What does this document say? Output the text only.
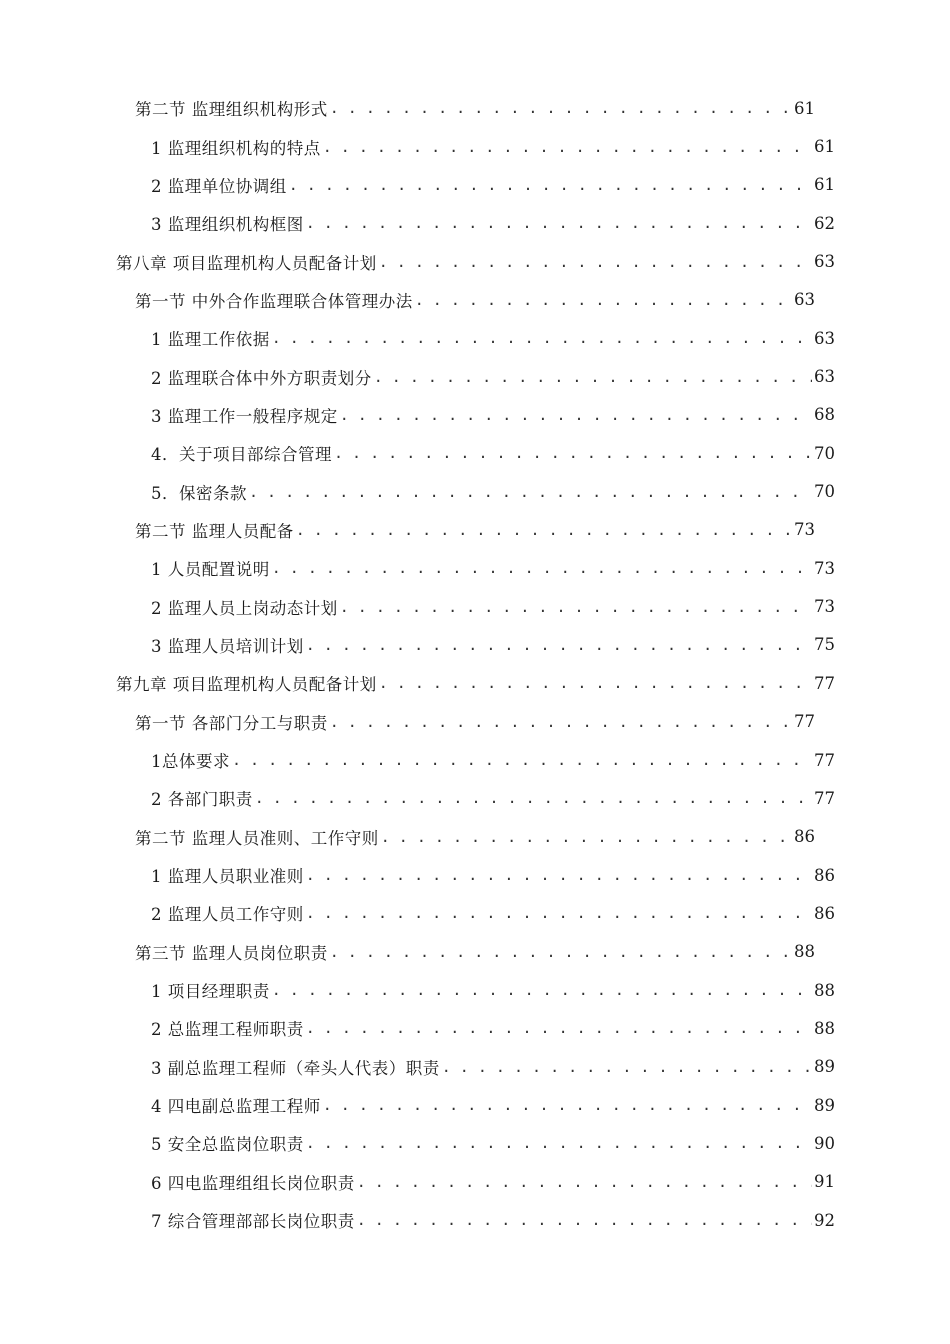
第二节 监理组织机构形式 . . .	61
1 监理组织机构的特点 . . .	61
2 监理单位协调组 . . .	61
3 监理组织机构框图 . . .	62
第八章 项目监理机构人员配备计划 . . .	63
第一节 中外合作监理联合体管理办法 . . .	63
1 监理工作依据 . . .	63
2 监理联合体中外方职责划分 . . .	63
3 监理工作一般程序规定 . . .	68
4．关于项目部综合管理 . . .	70
5．保密条款 . . .	70
第二节 监理人员配备 . . .	73
1 人员配置说明 . . .	73
2 监理人员上岗动态计划 . . .	73
3 监理人员培训计划 . . .	75
第九章 项目监理机构人员配备计划 . . .	77
第一节 各部门分工与职责 . . .	77
1总体要求 . . .	77
2 各部门职责 . . .	77
第二节 监理人员准则、工作守则 . . .	86
1 监理人员职业准则 . . .	86
2 监理人员工作守则 . . .	86
第三节 监理人员岗位职责 . . .	88
1 项目经理职责 . . .	88
2 总监理工程师职责 . . .	88
3 副总监理工程师（牵头人代表）职责 . . .	89
4 四电副总监理工程师 . . .	89
5 安全总监岗位职责 . . .	90
6 四电监理组组长岗位职责 . . .	91
7 综合管理部部长岗位职责 . . .	92
